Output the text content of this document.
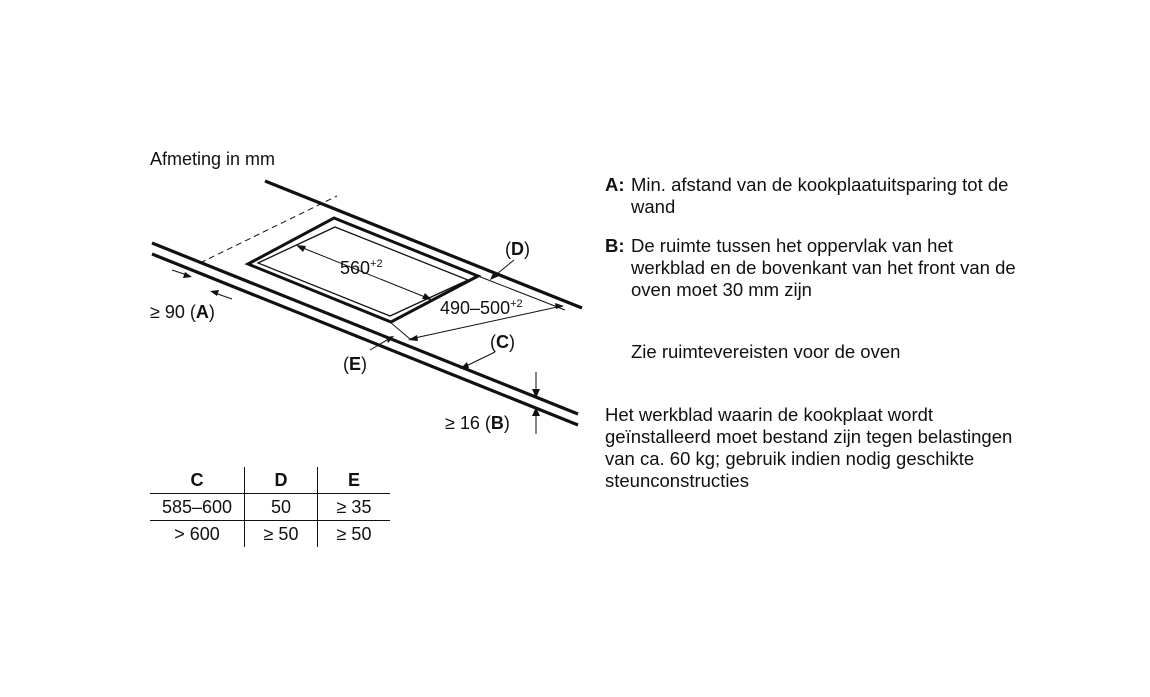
Afmeting in mm
$560^{+2}$
$490-500^{+2}$
(D)
(C)
(E)
≥ 90 (A)
≥ 16 (B)
A: Min. afstand van de kookplaatuitsparing tot de wand
B: De ruimte tussen het oppervlak van het werkblad en de bovenkant van het front van de oven moet 30 mm zijn
Zie ruimtevereisten voor de oven
Het werkblad waarin de kookplaat wordt geïnstalleerd moet bestand zijn tegen belastingen van ca. 60 kg; gebruik indien nodig geschikte steunconstructies
C	D	E
585–600	50	≥ 35
> 600	≥ 50	≥ 50
